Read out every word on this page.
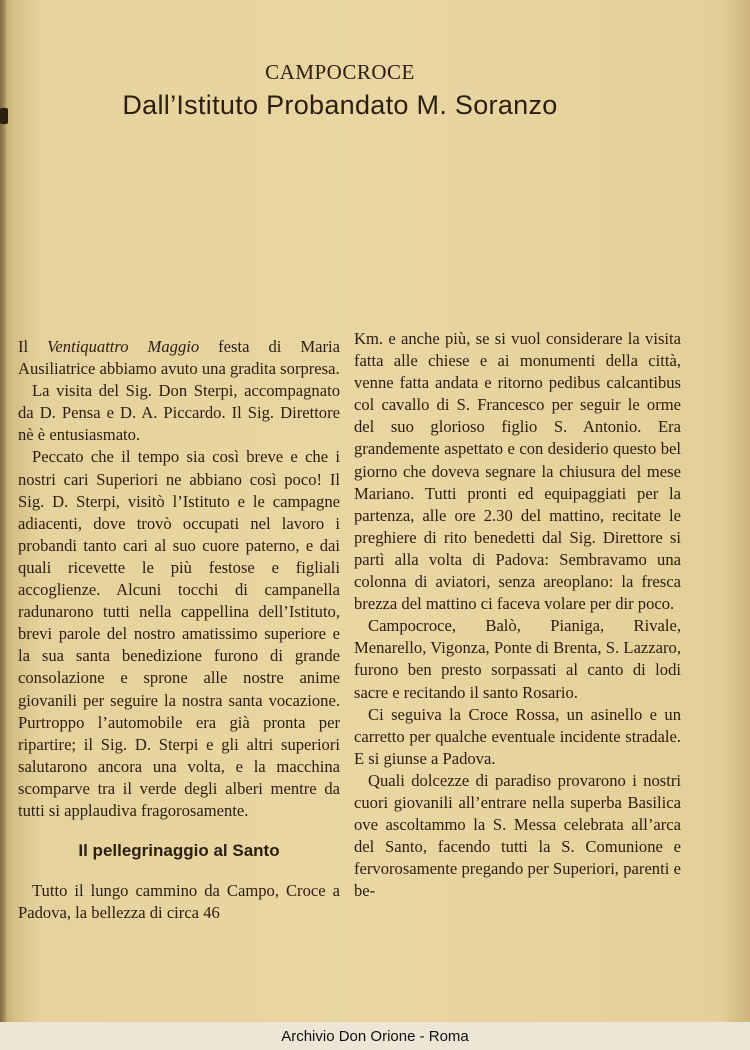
CAMPOCROCE
Dall’Istituto Probandato M. Soranzo

Il Ventiquattro Maggio festa di Maria Ausiliatrice abbiamo avuto una gradita sorpresa.

La visita del Sig. Don Sterpi, accompagnato da D. Pensa e D. A. Piccardo. Il Sig. Direttore nè è entusiasmato.

Peccato che il tempo sia così breve e che i nostri cari Superiori ne abbiano così poco! Il Sig. D. Sterpi, visitò l’Istituto e le campagne adiacenti, dove trovò occupati nel lavoro i probandi tanto cari al suo cuore paterno, e dai quali ricevette le più festose e figliali accoglienze. Alcuni tocchi di campanella radunarono tutti nella cappellina dell’Istituto, brevi parole del nostro amatissimo superiore e la sua santa benedizione furono di grande consolazione e sprone alle nostre anime giovanili per seguire la nostra santa vocazione. Purtroppo l’automobile era già pronta per ripartire; il Sig. D. Sterpi e gli altri superiori salutarono ancora una volta, e la macchina scomparve tra il verde degli alberi mentre da tutti si applaudiva fragorosamente.

Il pellegrinaggio al Santo

Tutto il lungo cammino da Campo, Croce a Padova, la bellezza di circa 46

Km. e anche più, se si vuol considerare la visita fatta alle chiese e ai monumenti della città, venne fatta andata e ritorno pedibus calcantibus col cavallo di S. Francesco per seguir le orme del suo glorioso figlio S. Antonio. Era grandemente aspettato e con desiderio questo bel giorno che doveva segnare la chiusura del mese Mariano. Tutti pronti ed equipaggiati per la partenza, alle ore 2.30 del mattino, recitate le preghiere di rito benedetti dal Sig. Direttore si partì alla volta di Padova: Sembravamo una colonna di aviatori, senza areoplano: la fresca brezza del mattino ci faceva volare per dir poco.

Campocroce, Balò, Pianiga, Rivale, Menarello, Vigonza, Ponte di Brenta, S. Lazzaro, furono ben presto sorpassati al canto di lodi sacre e recitando il santo Rosario.

Ci seguiva la Croce Rossa, un asinello e un carretto per qualche eventuale incidente stradale. E si giunse a Padova.

Quali dolcezze di paradiso provarono i nostri cuori giovanili all’entrare nella superba Basilica ove ascoltammo la S. Messa celebrata all’arca del Santo, facendo tutti la S. Comunione e fervorosamente pregando per Superiori, parenti e be-

Archivio Don Orione - Roma
